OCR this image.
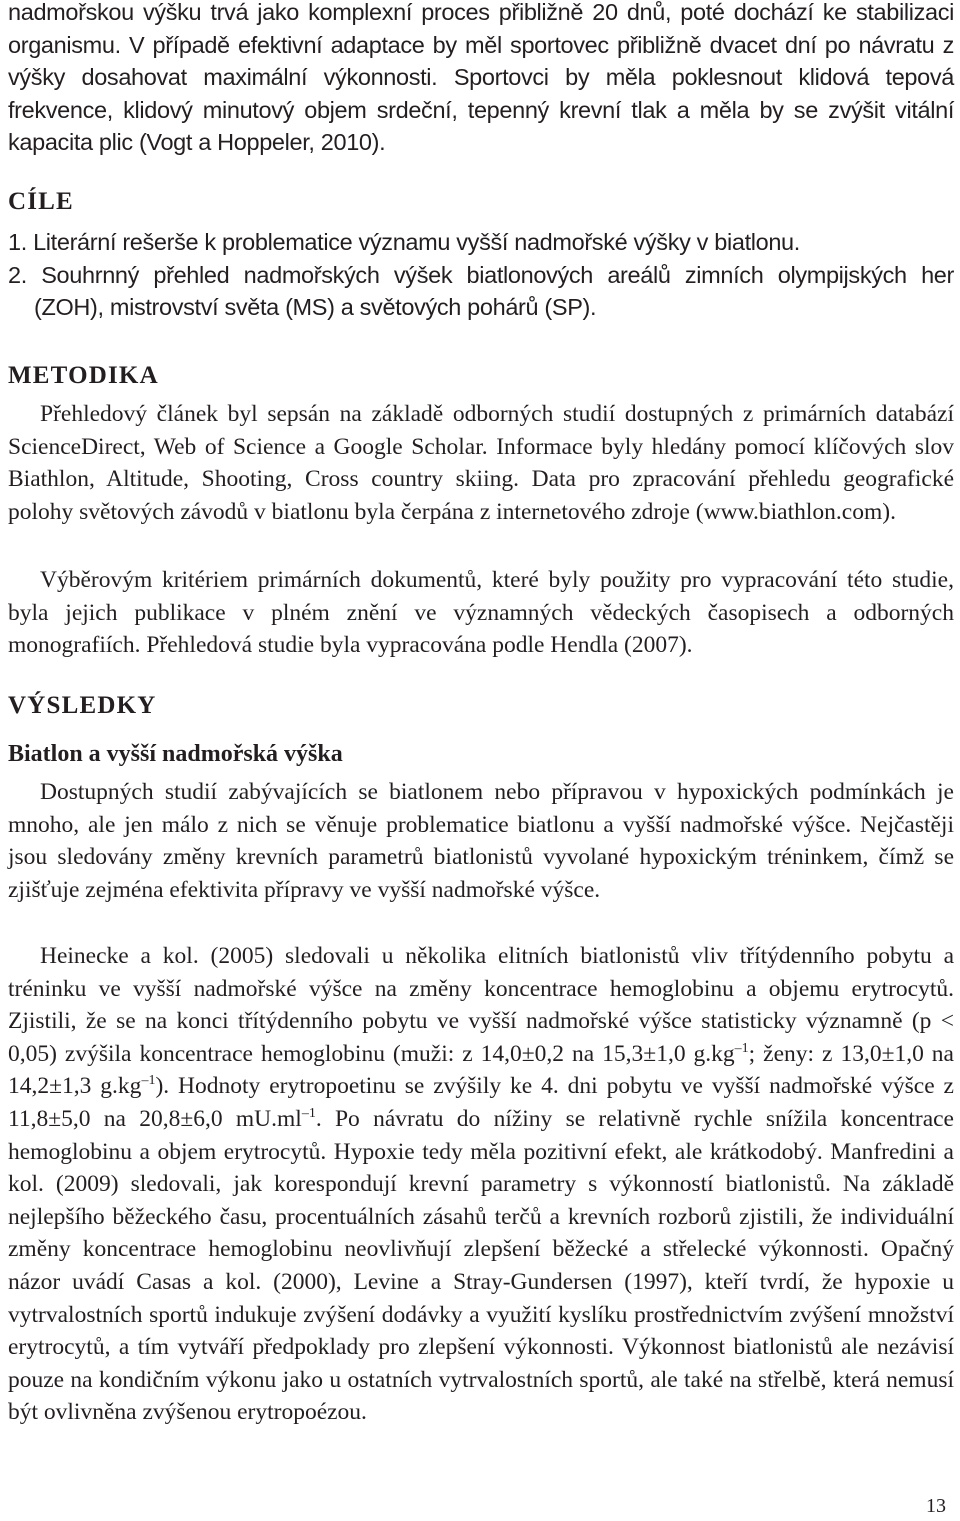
nadmořskou výšku trvá jako komplexní proces přibližně 20 dnů, poté dochází ke stabilizaci organismu. V případě efektivní adaptace by měl sportovec přibližně dvacet dní po návratu z výšky dosahovat maximální výkonnosti. Sportovci by měla poklesnout klidová tepová frekvence, klidový minutový objem srdeční, tepenný krevní tlak a měla by se zvýšit vitální kapacita plic (Vogt a Hoppeler, 2010).

CÍLE
1. Literární rešerše k problematice významu vyšší nadmořské výšky v biatlonu.
2. Souhrnný přehled nadmořských výšek biatlonových areálů zimních olympijských her (ZOH), mistrovství světa (MS) a světových pohárů (SP).
METODIKA

Přehledový článek byl sepsán na základě odborných studií dostupných z primárních databází ScienceDirect, Web of Science a Google Scholar. Informace byly hledány pomocí klíčových slov Biathlon, Altitude, Shooting, Cross country skiing. Data pro zpracování přehledu geografické polohy světových závodů v biatlonu byla čerpána z internetového zdroje (www.biathlon.com).

Výběrovým kritériem primárních dokumentů, které byly použity pro vypracování této studie, byla jejich publikace v plném znění ve významných vědeckých časopisech a odborných monografiích. Přehledová studie byla vypracována podle Hendla (2007).

VÝSLEDKY
Biatlon a vyšší nadmořská výška

Dostupných studií zabývajících se biatlonem nebo přípravou v hypoxických podmínkách je mnoho, ale jen málo z nich se věnuje problematice biatlonu a vyšší nadmořské výšce. Nejčastěji jsou sledovány změny krevních parametrů biatlonistů vyvolané hypoxickým tréninkem, čímž se zjišťuje zejména efektivita přípravy ve vyšší nadmořské výšce.

Heinecke a kol. (2005) sledovali u několika elitních biatlonistů vliv třítýdenního pobytu a tréninku ve vyšší nadmořské výšce na změny koncentrace hemoglobinu a objemu erytrocytů. Zjistili, že se na konci třítýdenního pobytu ve vyšší nadmořské výšce statisticky významně (p < 0,05) zvýšila koncentrace hemoglobinu (muži: z 14,0±0,2 na 15,3±1,0 $g.kg^{-1}$; ženy: z 13,0±1,0 na 14,2±1,3 $g.kg^{-1}$). Hodnoty erytropoetinu se zvýšily ke 4. dni pobytu ve vyšší nadmořské výšce z 11,8±5,0 na 20,8±6,0 $mU.ml^{-1}$. Po návratu do nížiny se relativně rychle snížila koncentrace hemoglobinu a objem erytrocytů. Hypoxie tedy měla pozitivní efekt, ale krátkodobý. Manfredini a kol. (2009) sledovali, jak korespondují krevní parametry s výkonností biatlonistů. Na základě nejlepšího běžeckého času, procentuálních zásahů terčů a krevních rozborů zjistili, že individuální změny koncentrace hemoglobinu neovlivňují zlepšení běžecké a střelecké výkonnosti. Opačný názor uvádí Casas a kol. (2000), Levine a Stray-Gundersen (1997), kteří tvrdí, že hypoxie u vytrvalostních sportů indukuje zvýšení dodávky a využití kyslíku prostřednictvím zvýšení množství erytrocytů, a tím vytváří předpoklady pro zlepšení výkonnosti. Výkonnost biatlonistů ale nezávisí pouze na kondičním výkonu jako u ostatních vytrvalostních sportů, ale také na střelbě, která nemusí být ovlivněna zvýšenou erytropoézou.

13
